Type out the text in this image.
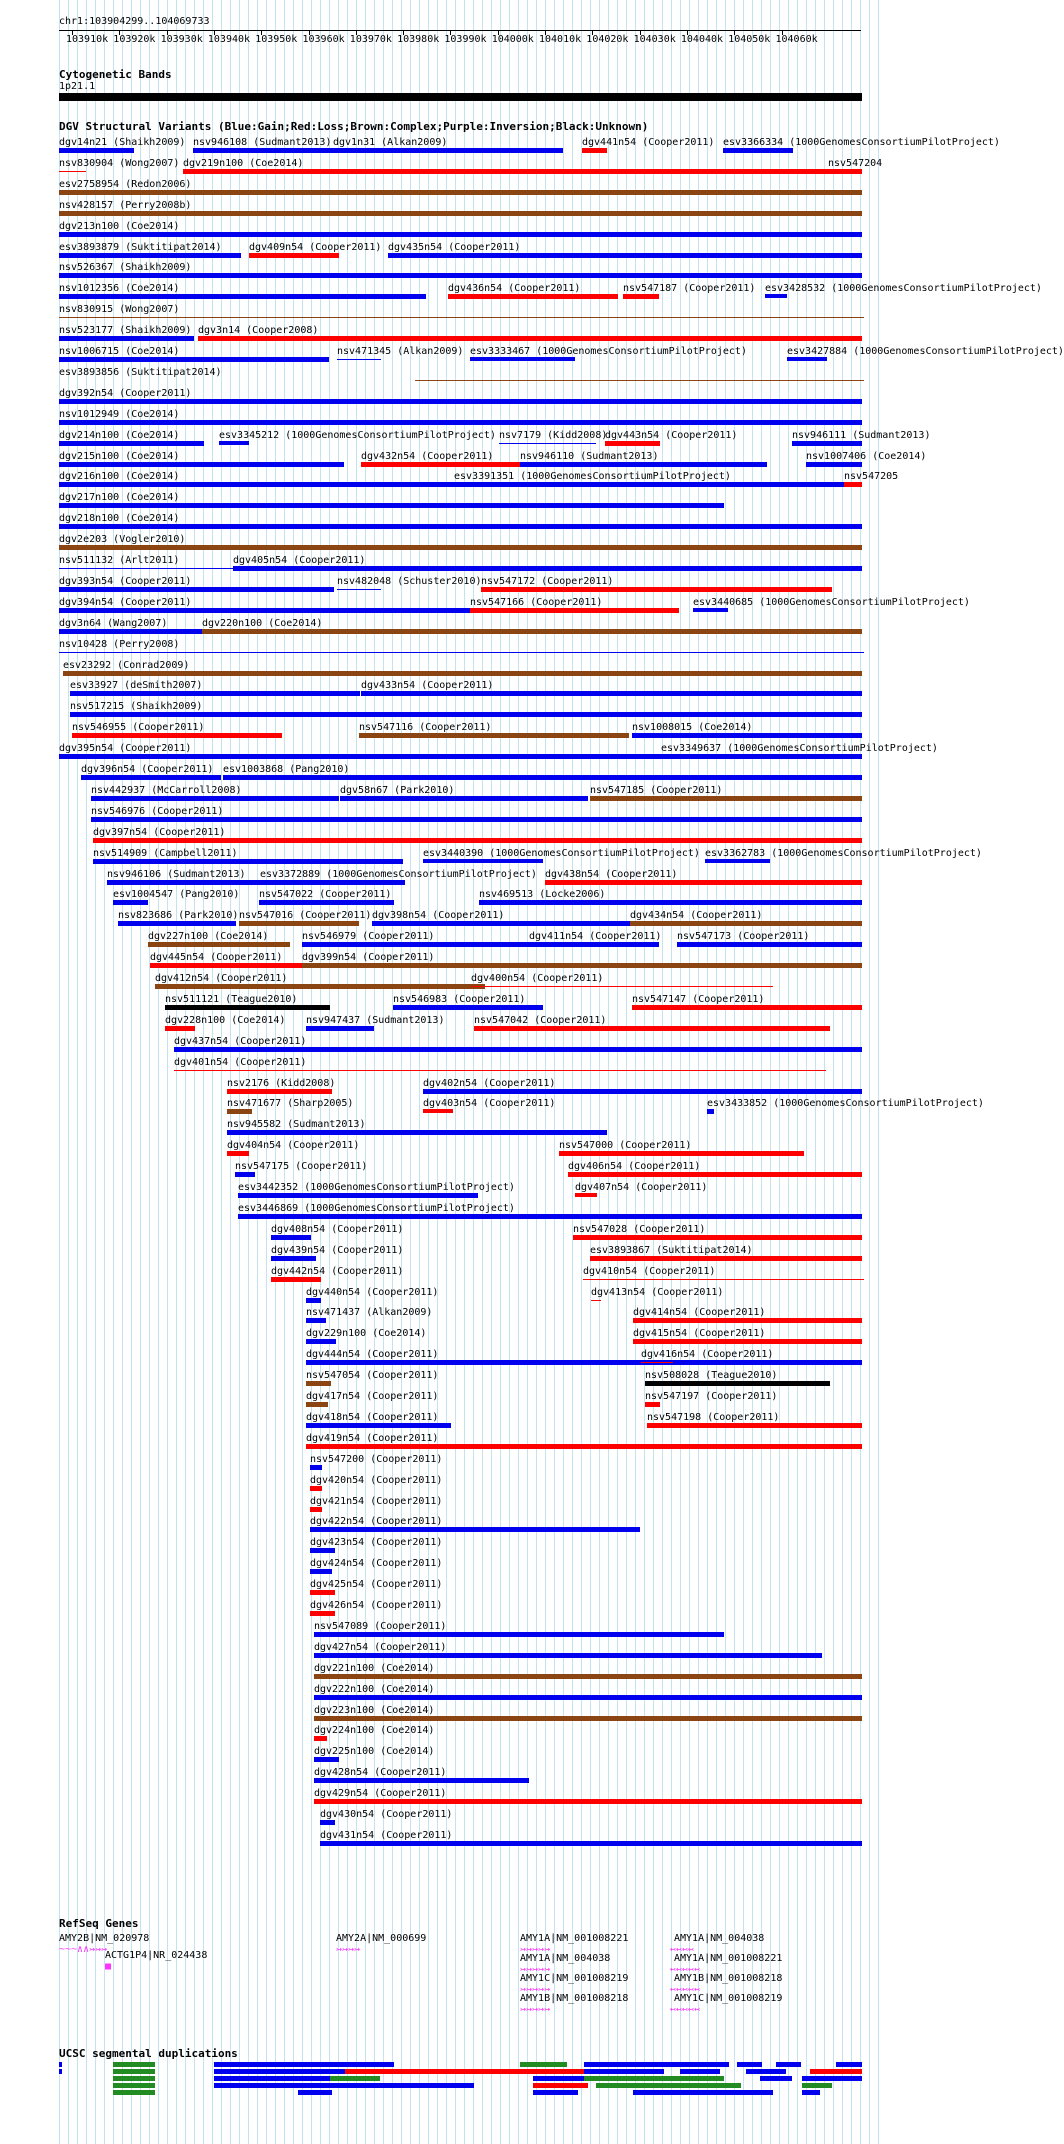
chr1:103904299..104069733
103910k 103920k 103930k 103940k 103950k 103960k 103970k 103980k 103990k 104000k 104010k 104020k 104030k 104040k 104050k 104060k
Cytogenetic Bands
1p21.1
DGV Structural Variants (Blue:Gain;Red:Loss;Brown:Complex;Purple:Inversion;Black:Unknown)
dgv14n21 (Shaikh2009) nsv946108 (Sudmant2013) dgv1n31 (Alkan2009)	dgv441n54 (Cooper2011) esv3366334 (1000GenomesConsortiumPilotProject)
nsv830904 (Wong2007) dgv219n100 (Coe2014)	nsv547204
esv2758954 (Redon2006)
nsv428157 (Perry2008b)
dgv213n100 (Coe2014)
esv3893879 (Suktitipat2014)	dgv409n54 (Cooper2011) dgv435n54 (Cooper2011)
nsv526367 (Shaikh2009)
nsv1012356 (Coe2014)	dgv436n54 (Cooper2011)	nsv547187 (Cooper2011) esv3428532 (1000GenomesConsortiumPilotProject)
nsv830915 (Wong2007)
nsv523177 (Shaikh2009) dgv3n14 (Cooper2008)
nsv1006715 (Coe2014)	nsv471345 (Alkan2009) esv3333467 (1000GenomesConsortiumPilotProject)	esv3427884 (1000GenomesConsortiumPilotProject)
esv3893856 (Suktitipat2014)
dgv392n54 (Cooper2011)
nsv1012949 (Coe2014)
dgv214n100 (Coe2014)	esv3345212 (1000GenomesConsortiumPilotProject) nsv7179 (Kidd2008)
dgv443n54 (Cooper2011)	nsv946111 (Sudmant2013)
dgv215n100 (Coe2014)	dgv432n54 (Cooper2011)	nsv946110 (Sudmant2013)	nsv1007406 (Coe2014)
dgv216n100 (Coe2014)	esv3391351 (1000GenomesConsortiumPilotProject)	nsv547205
dgv217n100 (Coe2014)
dgv218n100 (Coe2014)
dgv2e203 (Vogler2010)
nsv511132 (Arlt2011)	dgv405n54 (Cooper2011)
dgv393n54 (Cooper2011)	nsv482048 (Schuster2010) nsv547172 (Cooper2011)
dgv394n54 (Cooper2011)	nsv547166 (Cooper2011)	esv3440685 (1000GenomesConsortiumPilotProject)
dgv3n64 (Wang2007)	dgv220n100 (Coe2014)
nsv10428 (Perry2008)
esv23292 (Conrad2009)
esv33927 (deSmith2007)	dgv433n54 (Cooper2011)
nsv517215 (Shaikh2009)
nsv546955 (Cooper2011)	nsv547116 (Cooper2011)	nsv1008015 (Coe2014)
dgv395n54 (Cooper2011)	esv3349637 (1000GenomesConsortiumPilotProject)
dgv396n54 (Cooper2011) esv1003868 (Pang2010)
nsv442937 (McCarroll2008)	dgv58n67 (Park2010)	nsv547185 (Cooper2011)
nsv546976 (Cooper2011)
dgv397n54 (Cooper2011)
nsv514909 (Campbell2011)	esv3440390 (1000GenomesConsortiumPilotProject) esv3362783 (1000GenomesConsortiumPilotProject)
nsv946106 (Sudmant2013) esv3372889 (1000GenomesConsortiumPilotProject) dgv438n54 (Cooper2011)
esv1004547 (Pang2010) nsv547022 (Cooper2011)	nsv469513 (Locke2006)
nsv823686 (Park2010) nsv547016 (Cooper2011) dgv398n54 (Cooper2011)	dgv434n54 (Cooper2011)
dgv227n100 (Coe2014)	nsv546979 (Cooper2011)	dgv411n54 (Cooper2011) nsv547173 (Cooper2011)
dgv445n54 (Cooper2011) dgv399n54 (Cooper2011)
dgv412n54 (Cooper2011)	dgv400n54 (Cooper2011)
nsv511121 (Teague2010)	nsv546983 (Cooper2011)	nsv547147 (Cooper2011)
dgv228n100 (Coe2014) nsv947437 (Sudmant2013)	nsv547042 (Cooper2011)
dgv437n54 (Cooper2011)
dgv401n54 (Cooper2011)
nsv2176 (Kidd2008)	dgv402n54 (Cooper2011)
nsv471677 (Sharp2005)	dgv403n54 (Cooper2011)	esv3433852 (1000GenomesConsortiumPilotProject)
nsv945582 (Sudmant2013)
dgv404n54 (Cooper2011)	nsv547000 (Cooper2011)
nsv547175 (Cooper2011)	dgv406n54 (Cooper2011)
esv3442352 (1000GenomesConsortiumPilotProject)	dgv407n54 (Cooper2011)
esv3446869 (1000GenomesConsortiumPilotProject)
dgv408n54 (Cooper2011)	nsv547028 (Cooper2011)
dgv439n54 (Cooper2011)	esv3893867 (Suktitipat2014)
dgv442n54 (Cooper2011)	dgv410n54 (Cooper2011)
dgv440n54 (Cooper2011)	dgv413n54 (Cooper2011)
nsv471437 (Alkan2009)	dgv414n54 (Cooper2011)
dgv229n100 (Coe2014)	dgv415n54 (Cooper2011)
dgv444n54 (Cooper2011)	dgv416n54 (Cooper2011)
nsv547054 (Cooper2011)	nsv508028 (Teague2010)
dgv417n54 (Cooper2011)	nsv547197 (Cooper2011)
dgv418n54 (Cooper2011)	nsv547198 (Cooper2011)
dgv419n54 (Cooper2011)
nsv547200 (Cooper2011)
dgv420n54 (Cooper2011)
dgv421n54 (Cooper2011)
dgv422n54 (Cooper2011)
dgv423n54 (Cooper2011)
dgv424n54 (Cooper2011)
dgv425n54 (Cooper2011)
dgv426n54 (Cooper2011)
nsv547089 (Cooper2011)
dgv427n54 (Cooper2011)
dgv221n100 (Coe2014)
dgv222n100 (Coe2014)
dgv223n100 (Coe2014)
dgv224n100 (Coe2014)
dgv225n100 (Coe2014)
dgv428n54 (Cooper2011)
dgv429n54 (Cooper2011)
dgv430n54 (Cooper2011)
dgv431n54 (Cooper2011)
RefSeq Genes
AMY2B|NM_020978
~~~∧∧↣↣↣
ACTG1P4|NR_024438
■
AMY2A|NM_000699
↣↣↣↣
AMY1A|NM_001008221
↣↣↣↣↣
AMY1A|NM_004038
↢↢↢↢
AMY1A|NM_004038
↣↣↣↣↣
AMY1A|NM_001008221
↢↢↢↢↢
AMY1C|NM_001008219
↣↣↣↣↣
AMY1B|NM_001008218
↣↣↣↣↣
AMY1B|NM_001008218
↢↢↢↢↢
AMY1C|NM_001008219
↢↢↢↢↢
UCSC segmental duplications
